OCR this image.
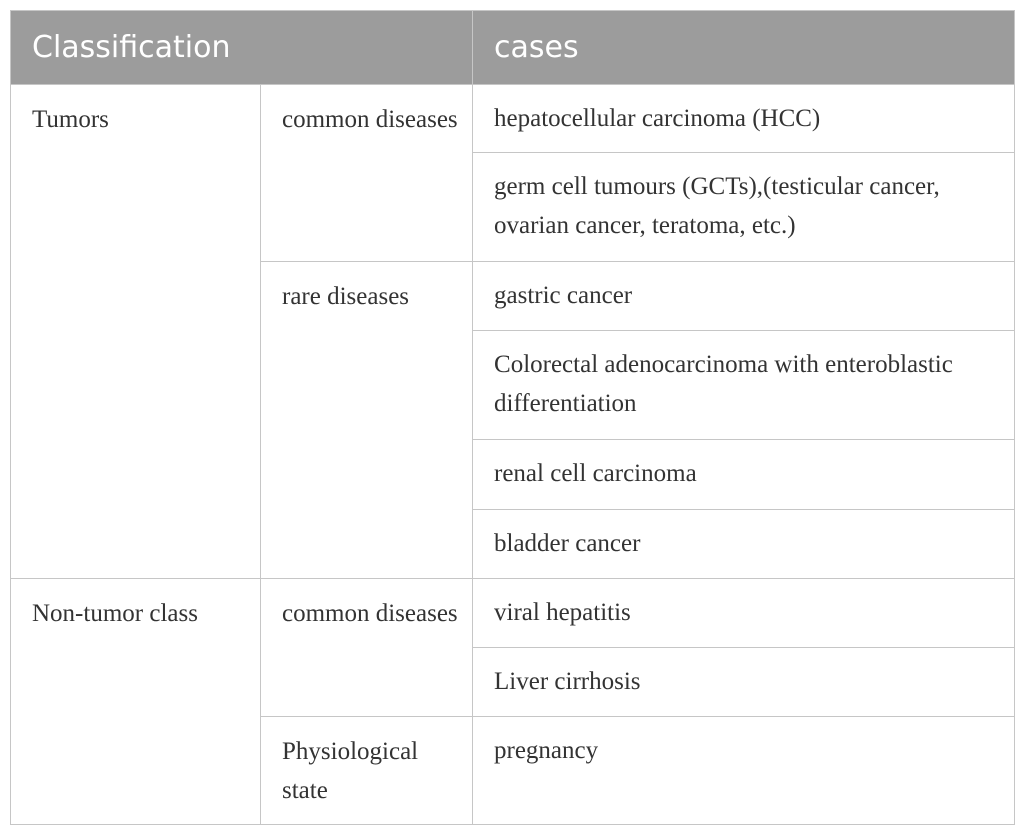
Classification		cases
Tumors	common diseases	hepatocellular carcinoma (HCC)
		germ cell tumours (GCTs),(testicular cancer, ovarian cancer, teratoma, etc.)
	rare diseases	gastric cancer
		Colorectal adenocarcinoma with enteroblastic differentiation
		renal cell carcinoma
		bladder cancer
Non-tumor class	common diseases	viral hepatitis
		Liver cirrhosis
	Physiological state	pregnancy
